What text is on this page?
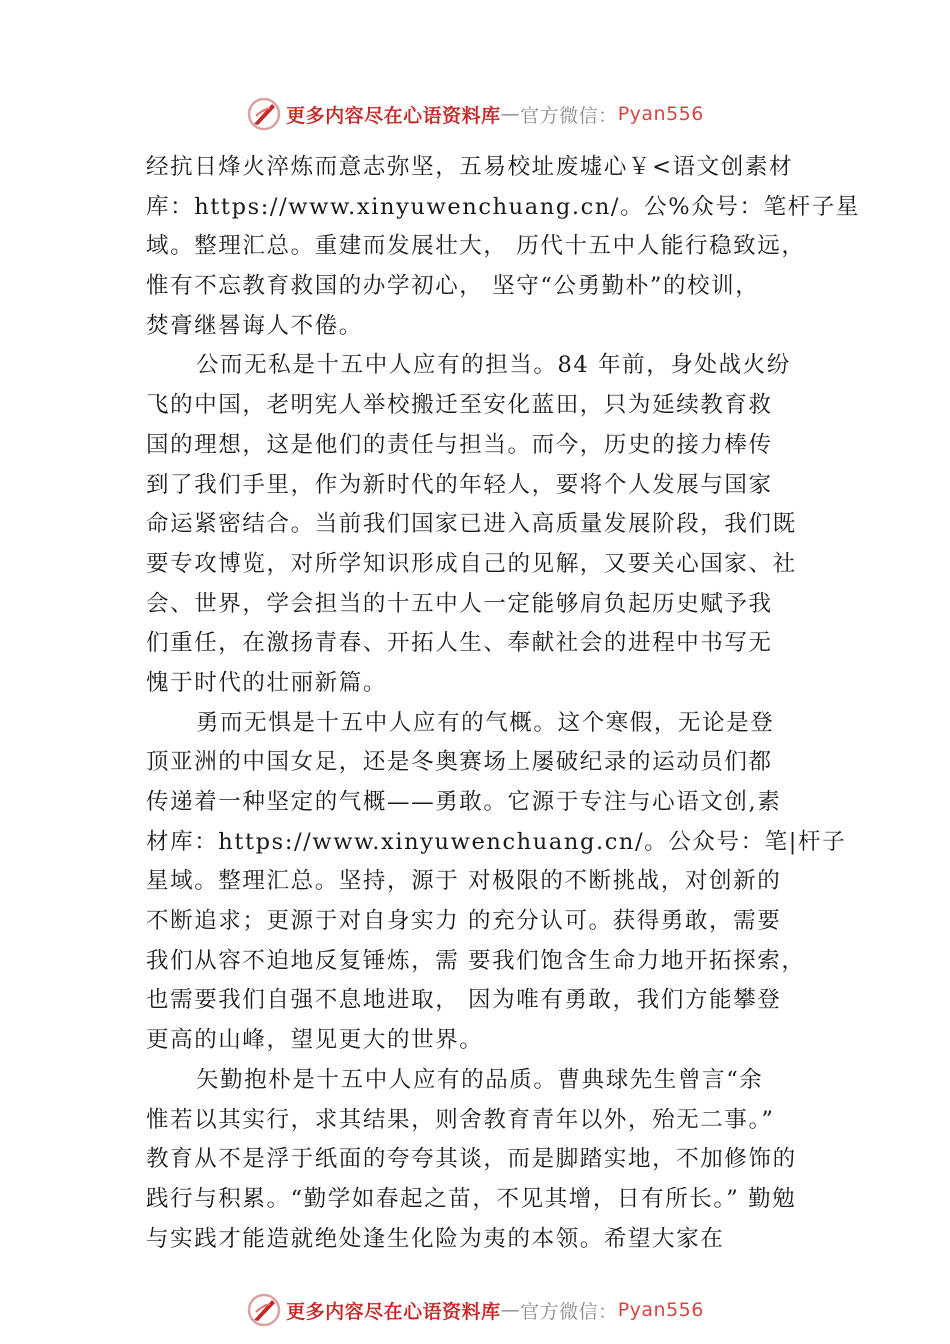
更多内容尽在心语资料库 — 官方微信： Pyan556
经抗日烽火淬炼而意志弥坚，五易校址废墟心￥<语文创素材
库：https://www.xinyuwenchuang.cn/。公%众号：笔杆子星
域。整理汇总。重建而发展壮大， 历代十五中人能行稳致远，
惟有不忘教育救国的办学初心， 坚守“公勇勤朴”的校训，
焚膏继晷诲人不倦。
公而无私是十五中人应有的担当。84 年前，身处战火纷
飞的中国，老明宪人举校搬迁至安化蓝田，只为延续教育救
国的理想，这是他们的责任与担当。而今，历史的接力棒传
到了我们手里，作为新时代的年轻人，要将个人发展与国家
命运紧密结合。当前我们国家已进入高质量发展阶段，我们既
要专攻博览，对所学知识形成自己的见解，又要关心国家、社
会、世界，学会担当的十五中人一定能够肩负起历史赋予我
们重任，在激扬青春、开拓人生、奉献社会的进程中书写无
愧于时代的壮丽新篇。
勇而无惧是十五中人应有的气概。这个寒假，无论是登
顶亚洲的中国女足，还是冬奥赛场上屡破纪录的运动员们都
传递着一种坚定的气概——勇敢。它源于专注与心语文创,素
材库：https://www.xinyuwenchuang.cn/。公众号：笔|杆子
星域。整理汇总。坚持，源于 对极限的不断挑战，对创新的
不断追求；更源于对自身实力 的充分认可。获得勇敢，需要
我们从容不迫地反复锤炼，需 要我们饱含生命力地开拓探索，
也需要我们自强不息地进取， 因为唯有勇敢，我们方能攀登
更高的山峰，望见更大的世界。
矢勤抱朴是十五中人应有的品质。曹典球先生曾言“余
惟若以其实行，求其结果，则舍教育青年以外，殆无二事。”
教育从不是浮于纸面的夸夸其谈，而是脚踏实地，不加修饰的
践行与积累。“勤学如春起之苗，不见其增，日有所长。” 勤勉
与实践才能造就绝处逢生化险为夷的本领。希望大家在
更多内容尽在心语资料库 — 官方微信： Pyan556
